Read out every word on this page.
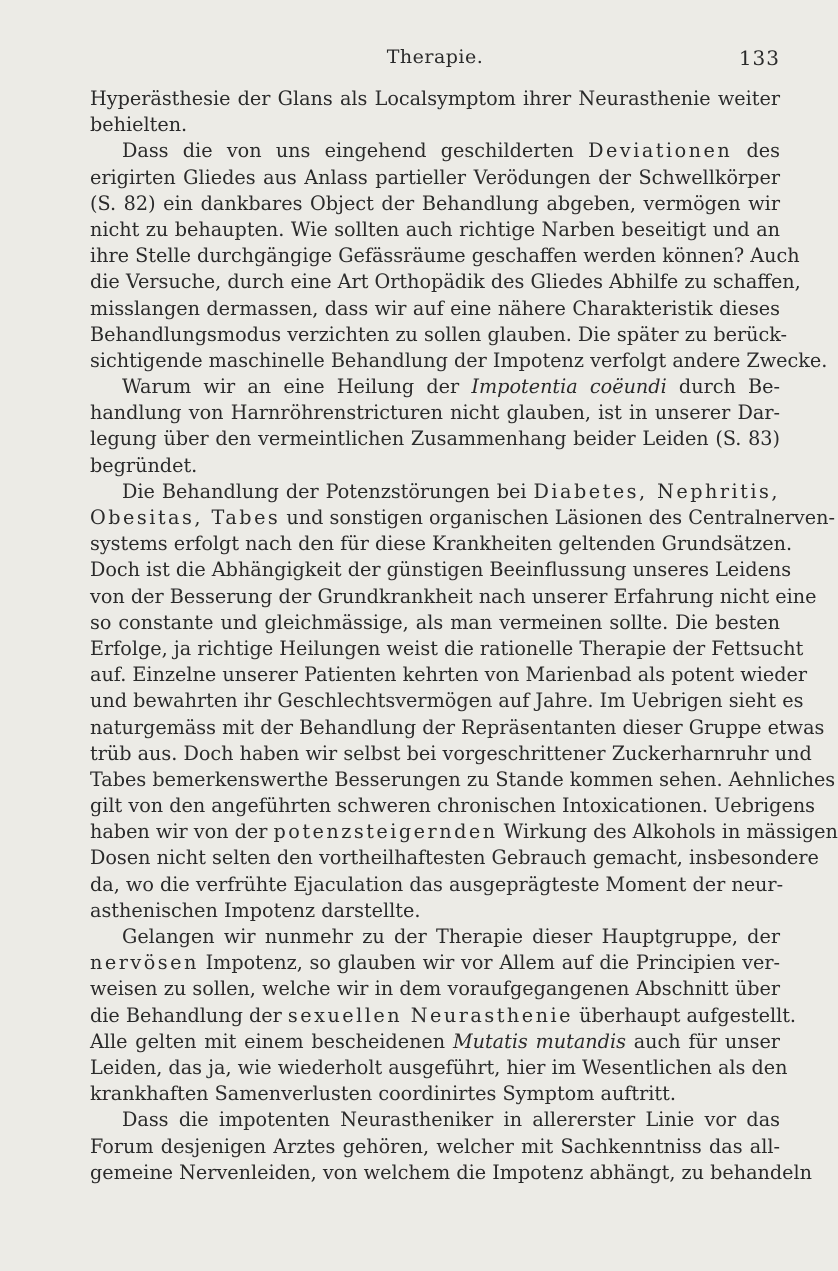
Therapie.	133
Hyperästhesie der Glans als Localsymptom ihrer Neurasthenie weiter
behielten.
Dass die von uns eingehend geschilderten Deviationen des
erigirten Gliedes aus Anlass partieller Verödungen der Schwellkörper
(S. 82) ein dankbares Object der Behandlung abgeben, vermögen wir
nicht zu behaupten. Wie sollten auch richtige Narben beseitigt und an
ihre Stelle durchgängige Gefässräume geschaffen werden können? Auch
die Versuche, durch eine Art Orthopädik des Gliedes Abhilfe zu schaffen,
misslangen dermassen, dass wir auf eine nähere Charakteristik dieses
Behandlungsmodus verzichten zu sollen glauben. Die später zu berück-
sichtigende maschinelle Behandlung der Impotenz verfolgt andere Zwecke.
Warum wir an eine Heilung der Impotentia coëundi durch Be-
handlung von Harnröhrenstricturen nicht glauben, ist in unserer Dar-
legung über den vermeintlichen Zusammenhang beider Leiden (S. 83)
begründet.
Die Behandlung der Potenzstörungen bei Diabetes, Nephritis,
Obesitas, Tabes und sonstigen organischen Läsionen des Centralnerven-
systems erfolgt nach den für diese Krankheiten geltenden Grundsätzen.
Doch ist die Abhängigkeit der günstigen Beeinflussung unseres Leidens
von der Besserung der Grundkrankheit nach unserer Erfahrung nicht eine
so constante und gleichmässige, als man vermeinen sollte. Die besten
Erfolge, ja richtige Heilungen weist die rationelle Therapie der Fettsucht
auf. Einzelne unserer Patienten kehrten von Marienbad als potent wieder
und bewahrten ihr Geschlechtsvermögen auf Jahre. Im Uebrigen sieht es
naturgemäss mit der Behandlung der Repräsentanten dieser Gruppe etwas
trüb aus. Doch haben wir selbst bei vorgeschrittener Zuckerharnruhr und
Tabes bemerkenswerthe Besserungen zu Stande kommen sehen. Aehnliches
gilt von den angeführten schweren chronischen Intoxicationen. Uebrigens
haben wir von der potenzsteigernden Wirkung des Alkohols in mässigen
Dosen nicht selten den vortheilhaftesten Gebrauch gemacht, insbesondere
da, wo die verfrühte Ejaculation das ausgeprägteste Moment der neur-
asthenischen Impotenz darstellte.
Gelangen wir nunmehr zu der Therapie dieser Hauptgruppe, der
nervösen Impotenz, so glauben wir vor Allem auf die Principien ver-
weisen zu sollen, welche wir in dem voraufgegangenen Abschnitt über
die Behandlung der sexuellen Neurasthenie überhaupt aufgestellt.
Alle gelten mit einem bescheidenen Mutatis mutandis auch für unser
Leiden, das ja, wie wiederholt ausgeführt, hier im Wesentlichen als den
krankhaften Samenverlusten coordinirtes Symptom auftritt.
Dass die impotenten Neurastheniker in allererster Linie vor das
Forum desjenigen Arztes gehören, welcher mit Sachkenntniss das all-
gemeine Nervenleiden, von welchem die Impotenz abhängt, zu behandeln
